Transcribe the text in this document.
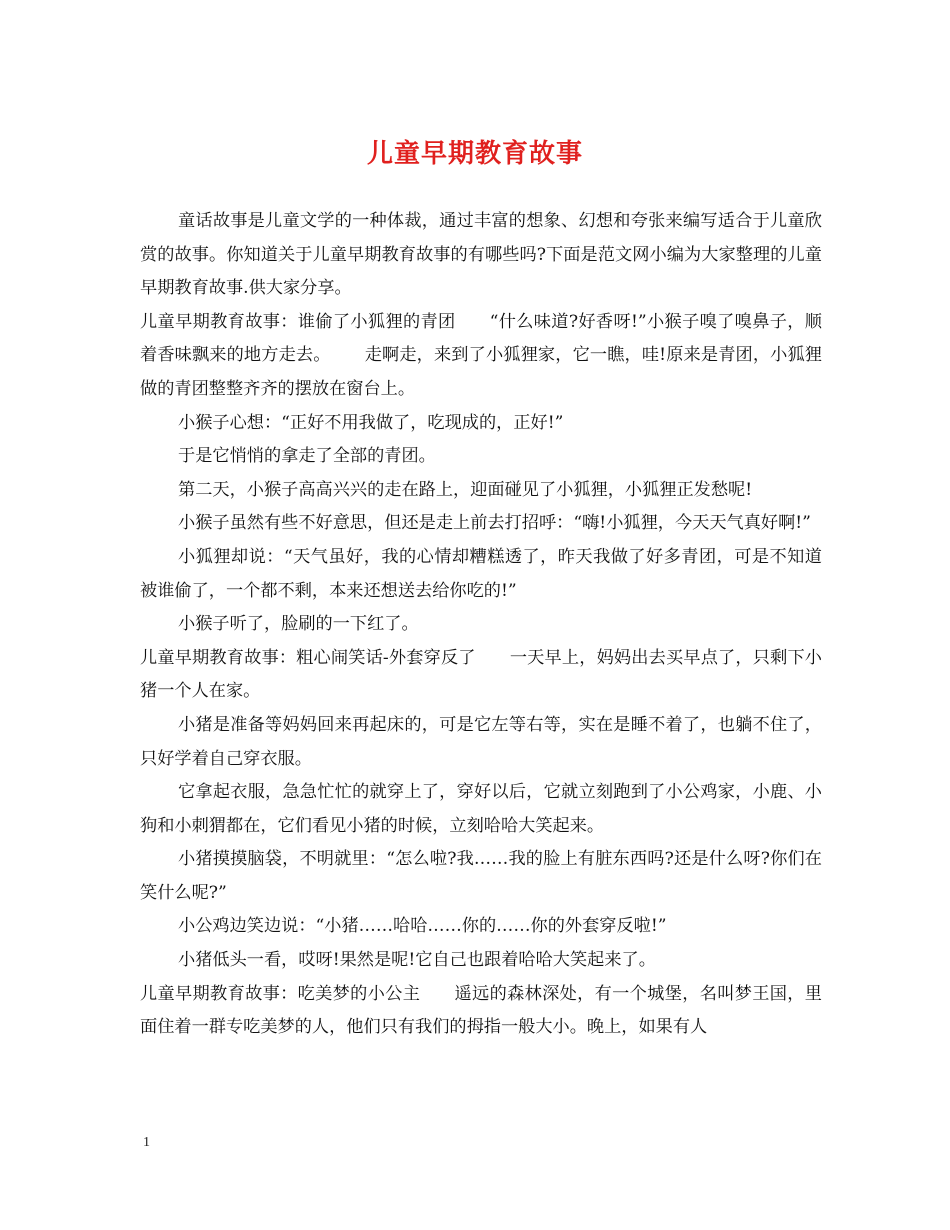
儿童早期教育故事

童话故事是儿童文学的一种体裁，通过丰富的想象、幻想和夸张来编写适合于儿童欣赏的故事。你知道关于儿童早期教育故事的有哪些吗?下面是范文网小编为大家整理的儿童早期教育故事.供大家分享。

儿童早期教育故事：谁偷了小狐狸的青团 “什么味道?好香呀!”小猴子嗅了嗅鼻子，顺着香味飘来的地方走去。 走啊走，来到了小狐狸家，它一瞧，哇!原来是青团，小狐狸做的青团整整齐齐的摆放在窗台上。

小猴子心想：“正好不用我做了，吃现成的，正好!”

于是它悄悄的拿走了全部的青团。

第二天，小猴子高高兴兴的走在路上，迎面碰见了小狐狸，小狐狸正发愁呢!

小猴子虽然有些不好意思，但还是走上前去打招呼：“嗨!小狐狸，今天天气真好啊!”

小狐狸却说：“天气虽好，我的心情却糟糕透了，昨天我做了好多青团，可是不知道被谁偷了，一个都不剩，本来还想送去给你吃的!”

小猴子听了，脸刷的一下红了。

儿童早期教育故事：粗心闹笑话-外套穿反了 一天早上，妈妈出去买早点了，只剩下小猪一个人在家。

小猪是准备等妈妈回来再起床的，可是它左等右等，实在是睡不着了，也躺不住了，只好学着自己穿衣服。

它拿起衣服，急急忙忙的就穿上了，穿好以后，它就立刻跑到了小公鸡家，小鹿、小狗和小刺猬都在，它们看见小猪的时候，立刻哈哈大笑起来。

小猪摸摸脑袋，不明就里：“怎么啦?我……我的脸上有脏东西吗?还是什么呀?你们在笑什么呢?”

小公鸡边笑边说：“小猪……哈哈……你的……你的外套穿反啦!”

小猪低头一看，哎呀!果然是呢!它自己也跟着哈哈大笑起来了。

儿童早期教育故事：吃美梦的小公主 遥远的森林深处，有一个城堡，名叫梦王国，里面住着一群专吃美梦的人，他们只有我们的拇指一般大小。晚上，如果有人

1
